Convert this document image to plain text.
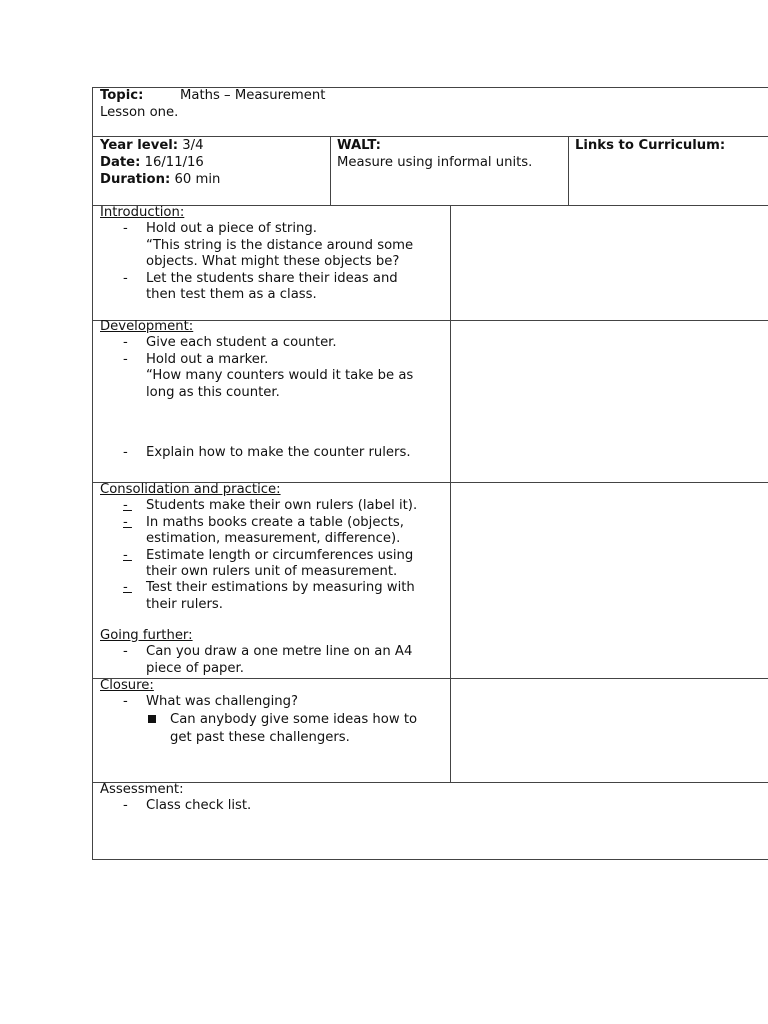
Topic:	Maths – Measurement
Lesson one.
Year level: 3/4
Date: 16/11/16
Duration: 60 min
WALT:
Measure using informal units.
Links to Curriculum:
Introduction:
- Hold out a piece of string.
“This string is the distance around some
objects. What might these objects be?
- Let the students share their ideas and
then test them as a class.
Development:
- Give each student a counter.
- Hold out a marker.
“How many counters would it take be as
long as this counter.
- Explain how to make the counter rulers.
Consolidation and practice:
- Students make their own rulers (label it).
- In maths books create a table (objects,
estimation, measurement, difference).
- Estimate length or circumferences using
their own rulers unit of measurement.
- Test their estimations by measuring with
their rulers.
Going further:
- Can you draw a one metre line on an A4
piece of paper.
Closure:
- What was challenging?
Can anybody give some ideas how to
get past these challengers.
Assessment:
- Class check list.
